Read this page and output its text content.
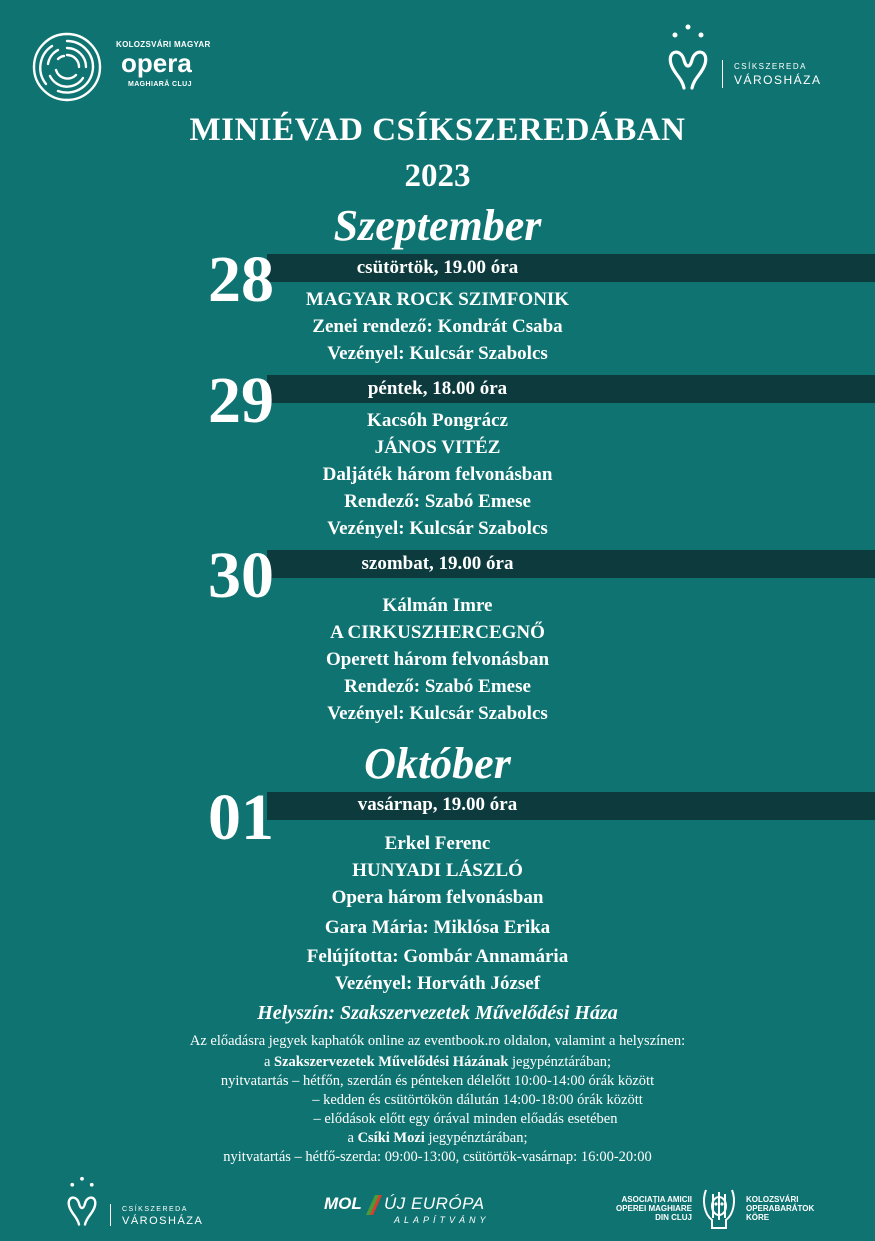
KOLOZSVÁRI MAGYAR
opera
MAGHIARĂ CLUJ
CSÍKSZEREDA
VÁROSHÁZA
MINIÉVAD CSÍKSZEREDÁBAN
2023
Szeptember
28	csütörtök, 19.00 óra
MAGYAR ROCK SZIMFONIK
Zenei rendező: Kondrát Csaba
Vezényel: Kulcsár Szabolcs
29	péntek, 18.00 óra
Kacsóh Pongrácz
JÁNOS VITÉZ
Daljáték három felvonásban
Rendező: Szabó Emese
Vezényel: Kulcsár Szabolcs
30	szombat, 19.00 óra
Kálmán Imre
A CIRKUSZHERCEGNŐ
Operett három felvonásban
Rendező: Szabó Emese
Vezényel: Kulcsár Szabolcs
Október
01	vasárnap, 19.00 óra
Erkel Ferenc
HUNYADI LÁSZLÓ
Opera három felvonásban
Gara Mária: Miklósa Erika
Felújította: Gombár Annamária
Vezényel: Horváth József
Helyszín: Szakszervezetek Művelődési Háza
Az előadásra jegyek kaphatók online az eventbook.ro oldalon, valamint a helyszínen:
a Szakszervezetek Művelődési Házának jegypénztárában;
nyitvatartás – hétfőn, szerdán és pénteken délelőtt 10:00-14:00 órák között
– kedden és csütörtökön dálután 14:00-18:00 órák között
– elődások előtt egy órával minden előadás esetében
a Csíki Mozi jegypénztárában;
nyitvatartás – hétfő-szerda: 09:00-13:00, csütörtök-vasárnap: 16:00-20:00
CSÍKSZEREDA
VÁROSHÁZA
MOL ÚJ EURÓPA
ALAPÍTVÁNY
ASOCIAȚIA AMICII
OPEREI MAGHIARE
DIN CLUJ
KOLOZSVÁRI
OPERABARÁTOK
KÖRE
